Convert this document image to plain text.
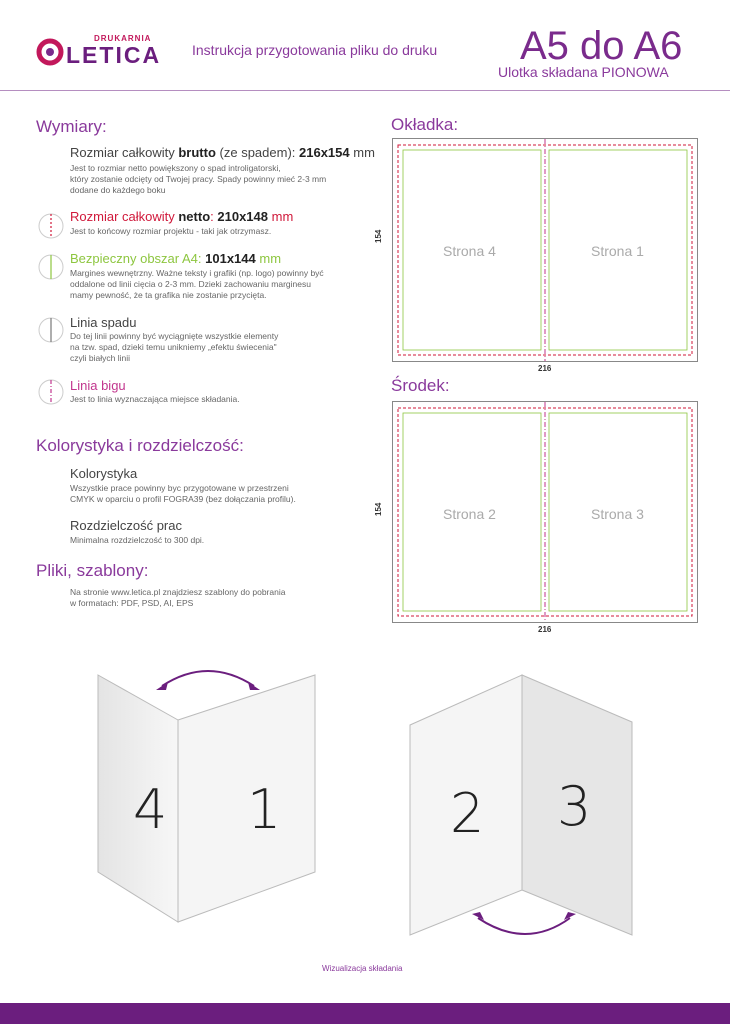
DRUKARNIA
LETICA Instrukcja przygotowania pliku do druku A5 do A6
Ulotka składana PIONOWA
Wymiary:
Rozmiar całkowity brutto (ze spadem): 216x154 mm
Jest to rozmiar netto powiększony o spad introligatorski,
który zostanie odcięty od Twojej pracy. Spady powinny mieć 2-3 mm
dodane do każdego boku
Rozmiar całkowity netto: 210x148 mm
Jest to końcowy rozmiar projektu - taki jak otrzymasz.
Bezpieczny obszar A4: 101x144 mm
Margines wewnętrzny. Ważne teksty i grafiki (np. logo) powinny być
oddalone od linii cięcia o 2-3 mm. Dzieki zachowaniu marginesu
mamy pewność, że ta grafika nie zostanie przycięta.
Linia spadu
Do tej linii powinny być wyciągnięte wszystkie elementy
na tzw. spad, dzieki temu unikniemy „efektu świecenia"
czyli białych linii
Linia bigu
Jest to linia wyznaczająca miejsce składania.
Kolorystyka i rozdzielczość:
Kolorystyka
Wszystkie prace powinny byc przygotowane w przestrzeni
CMYK w oparciu o profil FOGRA39 (bez dołączania profilu).
Rozdzielczość prac
Minimalna rozdzielczość to 300 dpi.
Pliki, szablony:
Na stronie www.letica.pl znajdziesz szablony do pobrania
w formatach: PDF, PSD, AI, EPS
Okładka:
Strona 4	Strona 1
154
216
Środek:
Strona 2	Strona 3
154
216
4 1	2 3
Wizualizacja składania
